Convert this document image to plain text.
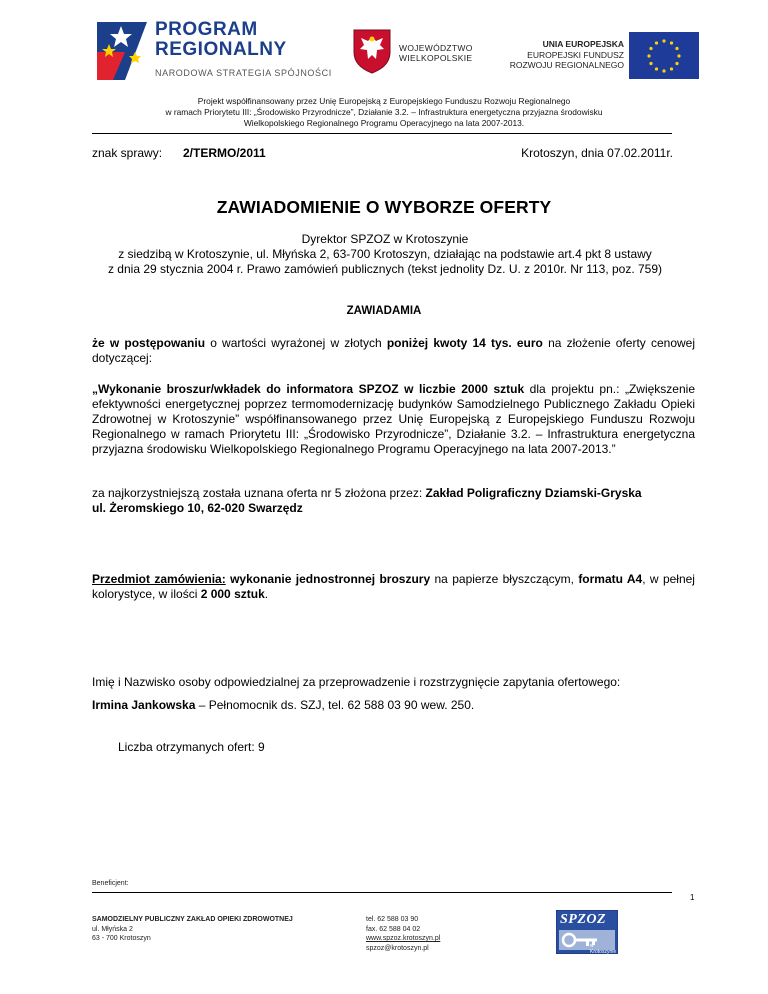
PROGRAM
REGIONALNY
NARODOWA STRATEGIA SPÓJNOŚCI
WOJEWÓDZTWO
WIELKOPOLSKIE
UNIA EUROPEJSKA
EUROPEJSKI FUNDUSZ
ROZWOJU REGIONALNEGO
Projekt współfinansowany przez Unię Europejską z Europejskiego Funduszu Rozwoju Regionalnego
w ramach Priorytetu III: „Środowisko Przyrodnicze”, Działanie 3.2. – Infrastruktura energetyczna przyjazna środowisku
Wielkopolskiego Regionalnego Programu Operacyjnego na lata 2007-2013.
znak sprawy: 2/TERMO/2011	Krotoszyn, dnia 07.02.2011r.
ZAWIADOMIENIE O WYBORZE OFERTY
Dyrektor SPZOZ w Krotoszynie
z siedzibą w Krotoszynie, ul. Młyńska 2, 63-700 Krotoszyn, działając na podstawie art.4 pkt 8 ustawy
z dnia 29 stycznia 2004 r. Prawo zamówień publicznych (tekst jednolity Dz. U. z 2010r. Nr 113, poz. 759)
ZAWIADAMIA
że w postępowaniu o wartości wyrażonej w złotych poniżej kwoty 14 tys. euro na złożenie oferty cenowej dotyczącej:
„Wykonanie broszur/wkładek do informatora SPZOZ w liczbie 2000 sztuk dla projektu pn.: „Zwiększenie efektywności energetycznej poprzez termomodernizację budynków Samodzielnego Publicznego Zakładu Opieki Zdrowotnej w Krotoszynie” współfinansowanego przez Unię Europejską z Europejskiego Funduszu Rozwoju Regionalnego w ramach Priorytetu III: „Środowisko Przyrodnicze”, Działanie 3.2. – Infrastruktura energetyczna przyjazna środowisku Wielkopolskiego Regionalnego Programu Operacyjnego na lata 2007-2013.”
za najkorzystniejszą została uznana oferta nr 5 złożona przez: Zakład Poligraficzny Dziamski-Gryska
ul. Żeromskiego 10, 62-020 Swarzędz
Przedmiot zamówienia: wykonanie jednostronnej broszury na papierze błyszczącym, formatu A4, w pełnej kolorystyce, w ilości 2 000 sztuk.
Imię i Nazwisko osoby odpowiedzialnej za przeprowadzenie i rozstrzygnięcie zapytania ofertowego:
Irmina Jankowska – Pełnomocnik ds. SZJ, tel. 62 588 03 90 wew. 250.
Liczba otrzymanych ofert: 9
Beneficjent:
1
SAMODZIELNY PUBLICZNY ZAKŁAD OPIEKI ZDROWOTNEJ
ul. Młyńska 2
63 - 700 Krotoszyn
tel. 62 588 03 90
fax. 62 588 04 02
www.spzoz.krotoszyn.pl
spzoz@krotoszyn.pl
SPZOZ
w Krotoszynie
